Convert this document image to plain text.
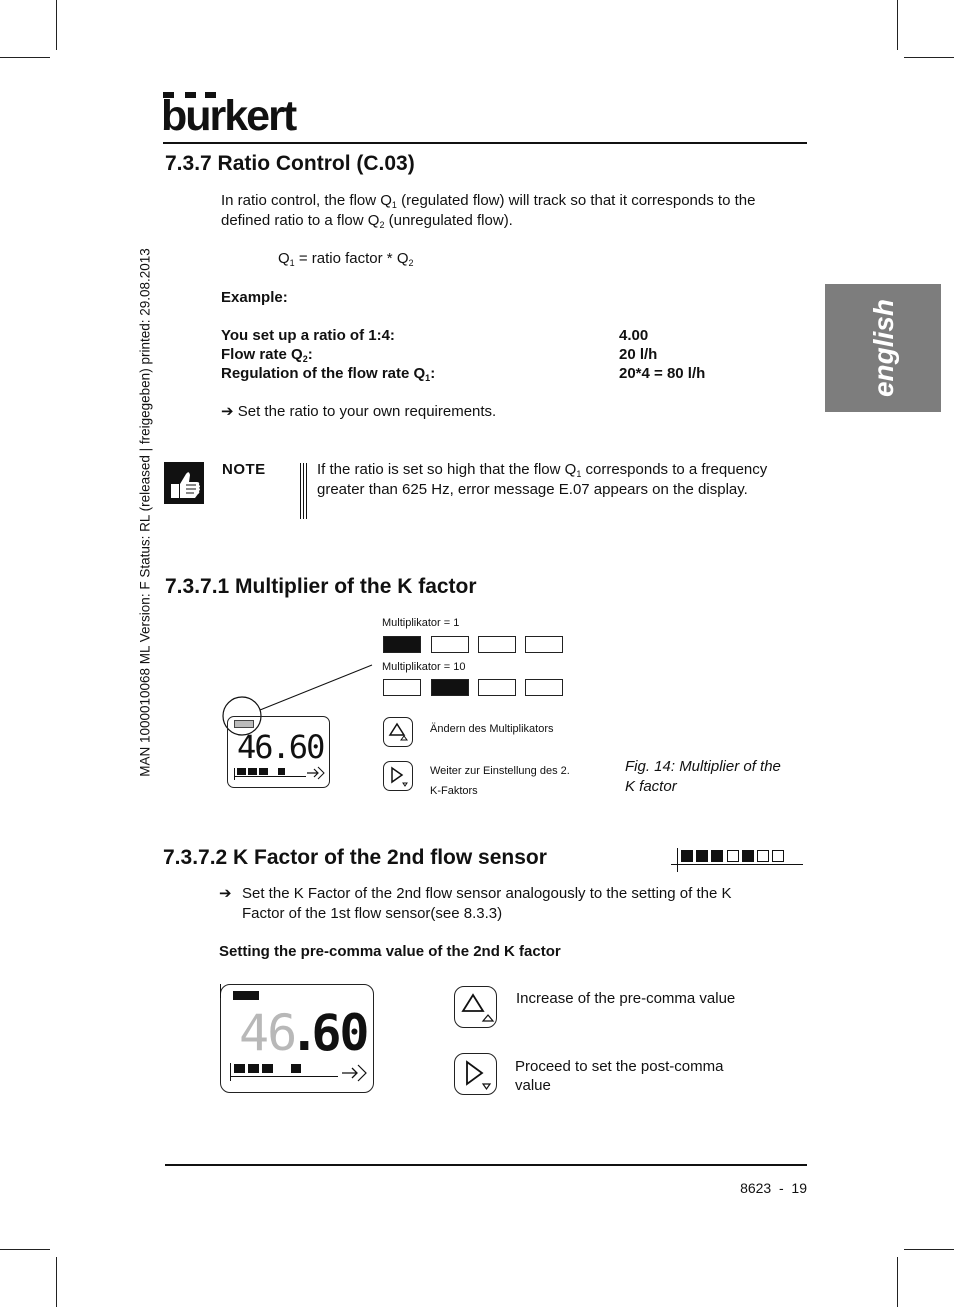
burkert
english
MAN 1000010068 ML Version: F Status: RL (released | freigegeben) printed: 29.08.2013
7.3.7 Ratio Control (C.03)
In ratio control, the flow $Q_1$ (regulated flow) will track so that it corresponds to the
defined ratio to a flow $Q_2$ (unregulated flow).
$Q_1$ = ratio factor * $Q_2$
Example:
You set up a ratio of 1:4:	4.00
Flow rate $Q_2$:	20 l/h
Regulation of the flow rate $Q_1$:	20*4 = 80 l/h
➔ Set the ratio to your own requirements.
NOTE	If the ratio is set so high that the flow $Q_1$ corresponds to a frequency greater than 625 Hz, error message E.07 appears on the display.
7.3.7.1 Multiplier of the K factor
Multiplikator = 1
Multiplikator = 10
46.60	Ändern des Multiplikators
Weiter zur Einstellung des 2.
K-Faktors
Fig. 14: Multiplier of the
K factor
7.3.7.2 K Factor of the 2nd flow sensor
➔ Set the K Factor of the 2nd flow sensor analogously to the setting of the K
Factor of the 1st flow sensor(see 8.3.3)
Setting the pre-comma value of the 2nd K factor
46.60
Increase of the pre-comma value
Proceed to set the post-comma
value
8623  -  19
